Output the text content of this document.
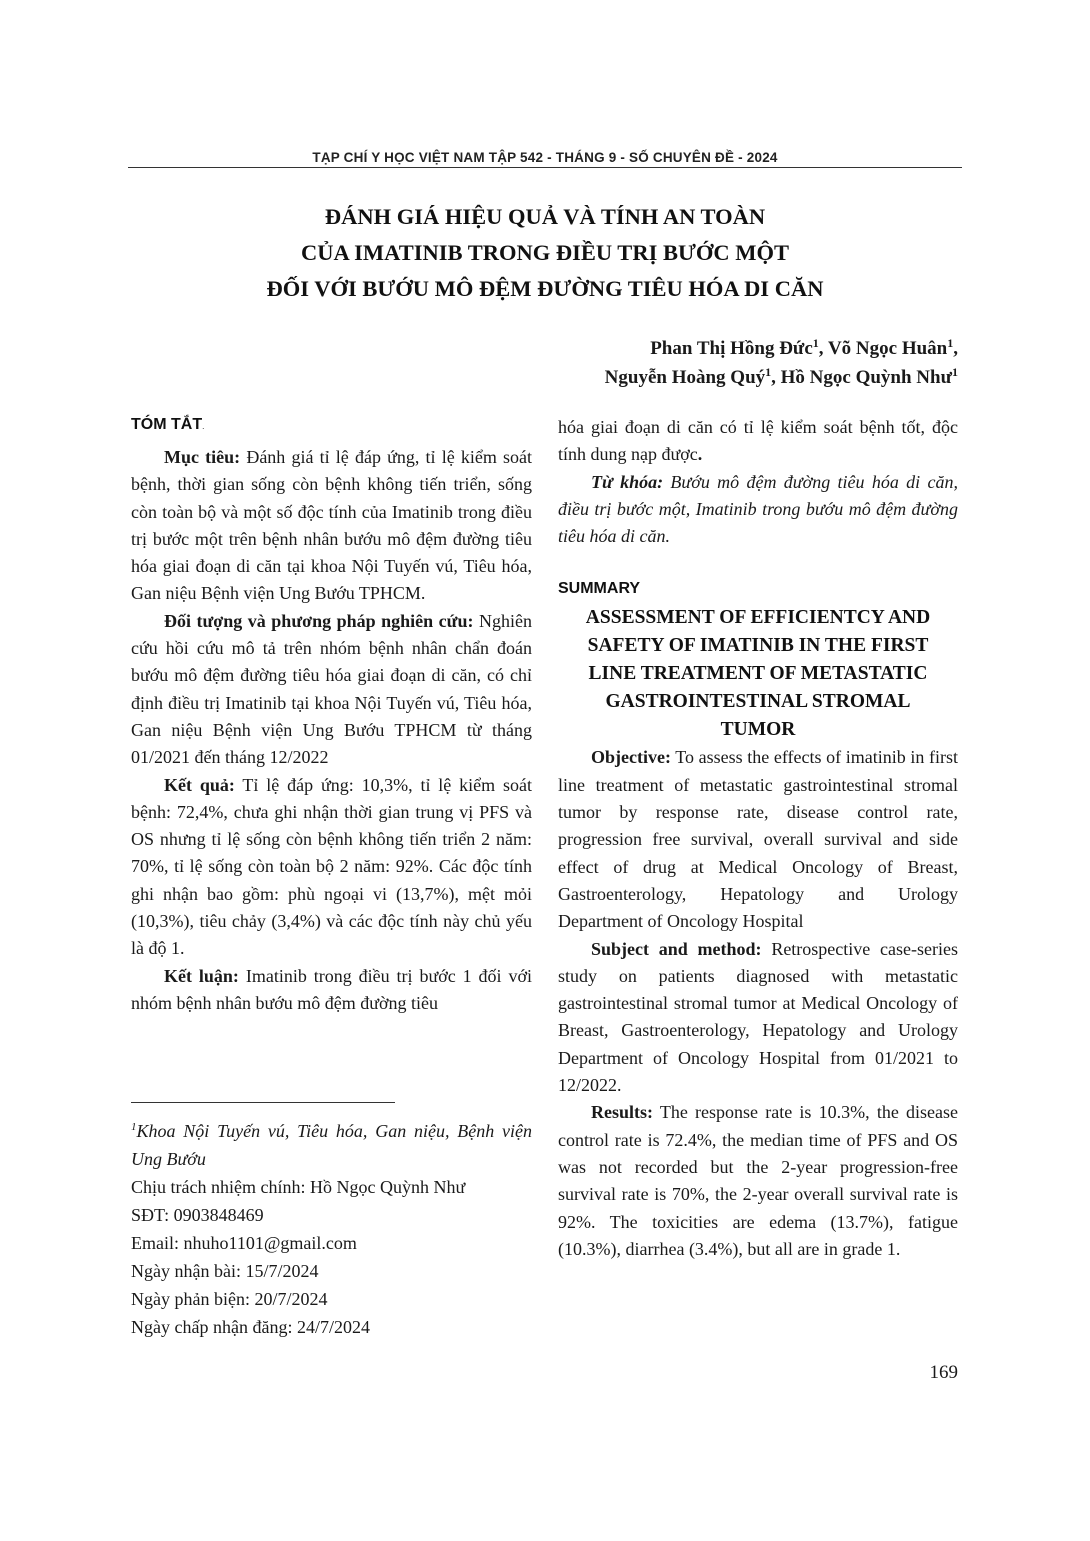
TẠP CHÍ Y HỌC VIỆT NAM TẬP 542 - THÁNG 9 - SỐ CHUYÊN ĐỀ - 2024
ĐÁNH GIÁ HIỆU QUẢ VÀ TÍNH AN TOÀN
CỦA IMATINIB TRONG ĐIỀU TRỊ BƯỚC MỘT
ĐỐI VỚI BƯỚU MÔ ĐỆM ĐƯỜNG TIÊU HÓA DI CĂN
Phan Thị Hồng Đức$^1$, Võ Ngọc Huân$^1$,
Nguyễn Hoàng Quý$^1$, Hồ Ngọc Quỳnh Như$^1$
TÓM TẮT.

Mục tiêu: Đánh giá tỉ lệ đáp ứng, tỉ lệ kiểm soát bệnh, thời gian sống còn bệnh không tiến triển, sống còn toàn bộ và một số độc tính của Imatinib trong điều trị bước một trên bệnh nhân bướu mô đệm đường tiêu hóa giai đoạn di căn tại khoa Nội Tuyến vú, Tiêu hóa, Gan niệu Bệnh viện Ung Bướu TPHCM.

Đối tượng và phương pháp nghiên cứu: Nghiên cứu hồi cứu mô tả trên nhóm bệnh nhân chẩn đoán bướu mô đệm đường tiêu hóa giai đoạn di căn, có chỉ định điều trị Imatinib tại khoa Nội Tuyến vú, Tiêu hóa, Gan niệu Bệnh viện Ung Bướu TPHCM từ tháng 01/2021 đến tháng 12/2022

Kết quả: Tỉ lệ đáp ứng: 10,3%, tỉ lệ kiểm soát bệnh: 72,4%, chưa ghi nhận thời gian trung vị PFS và OS nhưng tỉ lệ sống còn bệnh không tiến triển 2 năm: 70%, tỉ lệ sống còn toàn bộ 2 năm: 92%. Các độc tính ghi nhận bao gồm: phù ngoại vi (13,7%), mệt mỏi (10,3%), tiêu chảy (3,4%) và các độc tính này chủ yếu là độ 1.

Kết luận: Imatinib trong điều trị bước 1 đối với nhóm bệnh nhân bướu mô đệm đường tiêu

$^1$Khoa Nội Tuyến vú, Tiêu hóa, Gan niệu, Bệnh viện Ung Bướu
Chịu trách nhiệm chính: Hồ Ngọc Quỳnh Như
SĐT: 0903848469
Email: nhuho1101@gmail.com
Ngày nhận bài: 15/7/2024
Ngày phản biện: 20/7/2024
Ngày chấp nhận đăng: 24/7/2024

hóa giai đoạn di căn có tỉ lệ kiểm soát bệnh tốt, độc tính dung nạp được.

Từ khóa: Bướu mô đệm đường tiêu hóa di căn, điều trị bước một, Imatinib trong bướu mô đệm đường tiêu hóa di căn.

SUMMARY
ASSESSMENT OF EFFICIENTCY AND
SAFETY OF IMATINIB IN THE FIRST
LINE TREATMENT OF METASTATIC
GASTROINTESTINAL STROMAL
TUMOR

Objective: To assess the effects of imatinib in first line treatment of metastatic gastrointestinal stromal tumor by response rate, disease control rate, progression free survival, overall survival and side effect of drug at Medical Oncology of Breast, Gastroenterology, Hepatology and Urology Department of Oncology Hospital

Subject and method: Retrospective case-series study on patients diagnosed with metastatic gastrointestinal stromal tumor at Medical Oncology of Breast, Gastroenterology, Hepatology and Urology Department of Oncology Hospital from 01/2021 to 12/2022.

Results: The response rate is 10.3%, the disease control rate is 72.4%, the median time of PFS and OS was not recorded but the 2-year progression-free survival rate is 70%, the 2-year overall survival rate is 92%. The toxicities are edema (13.7%), fatigue (10.3%), diarrhea (3.4%), but all are in grade 1.

169
